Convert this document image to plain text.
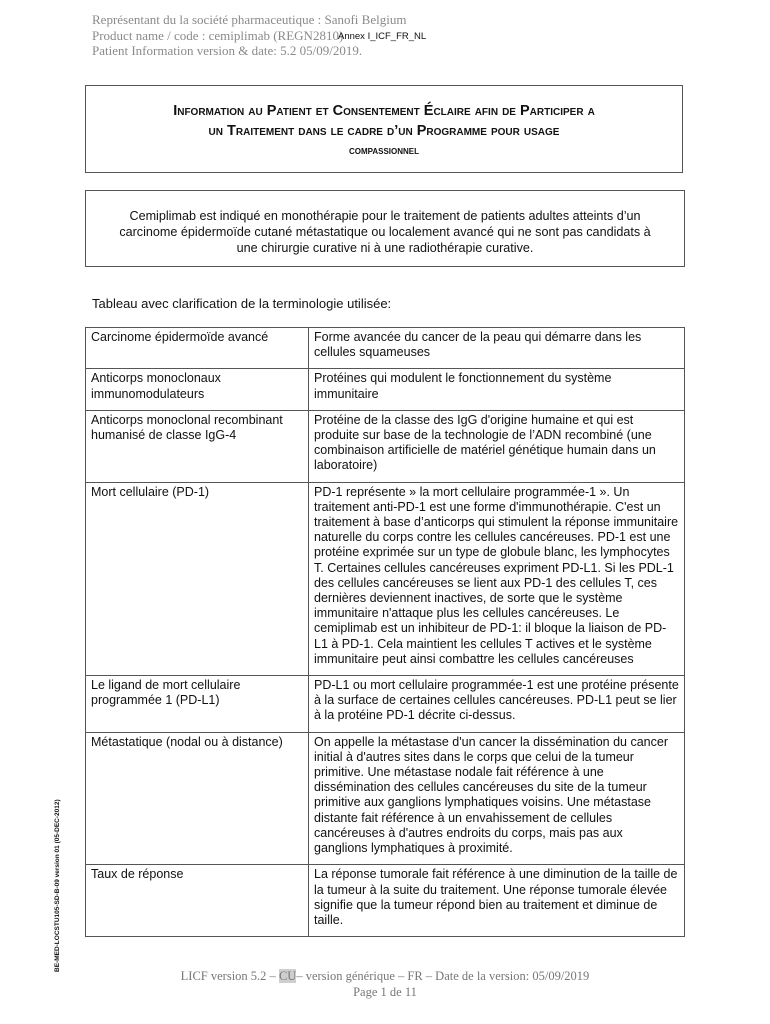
Représentant du la société pharmaceutique : Sanofi Belgium
Product name / code : cemiplimab (REGN2810)
Patient Information version & date: 5.2 05/09/2019.
Annex I_ICF_FR_NL
Information au Patient et Consentement Éclaire afin de Participer a
un Traitement dans le cadre d’un Programme pour usage
compassionnel
Cemiplimab est indiqué en monothérapie pour le traitement de patients adultes atteints d’un
carcinome épidermoïde cutané métastatique ou localement avancé qui ne sont pas candidats à
une chirurgie curative ni à une radiothérapie curative.
Tableau avec clarification de la terminologie utilisée:
Carcinome épidermoïde avancé	Forme avancée du cancer de la peau qui démarre dans les cellules squameuses
Anticorps monoclonaux immunomodulateurs	Protéines qui modulent le fonctionnement du système immunitaire
Anticorps monoclonal recombinant humanisé de classe IgG-4	Protéine de la classe des IgG d'origine humaine et qui est produite sur base de la technologie de l’ADN recombiné (une combinaison artificielle de matériel génétique humain dans un laboratoire)
Mort cellulaire (PD-1)	PD-1 représente » la mort cellulaire programmée-1 ». Un traitement anti-PD-1 est une forme d'immunothérapie. C'est un traitement à base d’anticorps qui stimulent la réponse immunitaire naturelle du corps contre les cellules cancéreuses. PD-1 est une protéine exprimée sur un type de globule blanc, les lymphocytes T. Certaines cellules cancéreuses expriment PD-L1. Si les PDL-1 des cellules cancéreuses se lient aux PD-1 des cellules T, ces dernières deviennent inactives, de sorte que le système immunitaire n'attaque plus les cellules cancéreuses. Le cemiplimab est un inhibiteur de PD-1: il bloque la liaison de PD-L1 à PD-1. Cela maintient les cellules T actives et le système immunitaire peut ainsi combattre les cellules cancéreuses
Le ligand de mort cellulaire programmée 1 (PD-L1)	PD-L1 ou mort cellulaire programmée-1 est une protéine présente à la surface de certaines cellules cancéreuses. PD-L1 peut se lier à la protéine PD-1 décrite ci-dessus.
Métastatique (nodal ou à distance)	On appelle la métastase d'un cancer la dissémination du cancer initial à d'autres sites dans le corps que celui de la tumeur primitive. Une métastase nodale fait référence à une dissémination des cellules cancéreuses du site de la tumeur primitive aux ganglions lymphatiques voisins. Une métastase distante fait référence à un envahissement de cellules cancéreuses à d'autres endroits du corps, mais pas aux ganglions lymphatiques à proximité.
Taux de réponse	La réponse tumorale fait référence à une diminution de la taille de la tumeur à la suite du traitement. Une réponse tumorale élevée signifie que la tumeur répond bien au traitement et diminue de taille.
BE-MED-LOCSTU105-SD-B-09 version 01 (05-DEC-2012)
LICF version 5.2 – CU– version générique – FR – Date de la version: 05/09/2019
Page 1 de 11
